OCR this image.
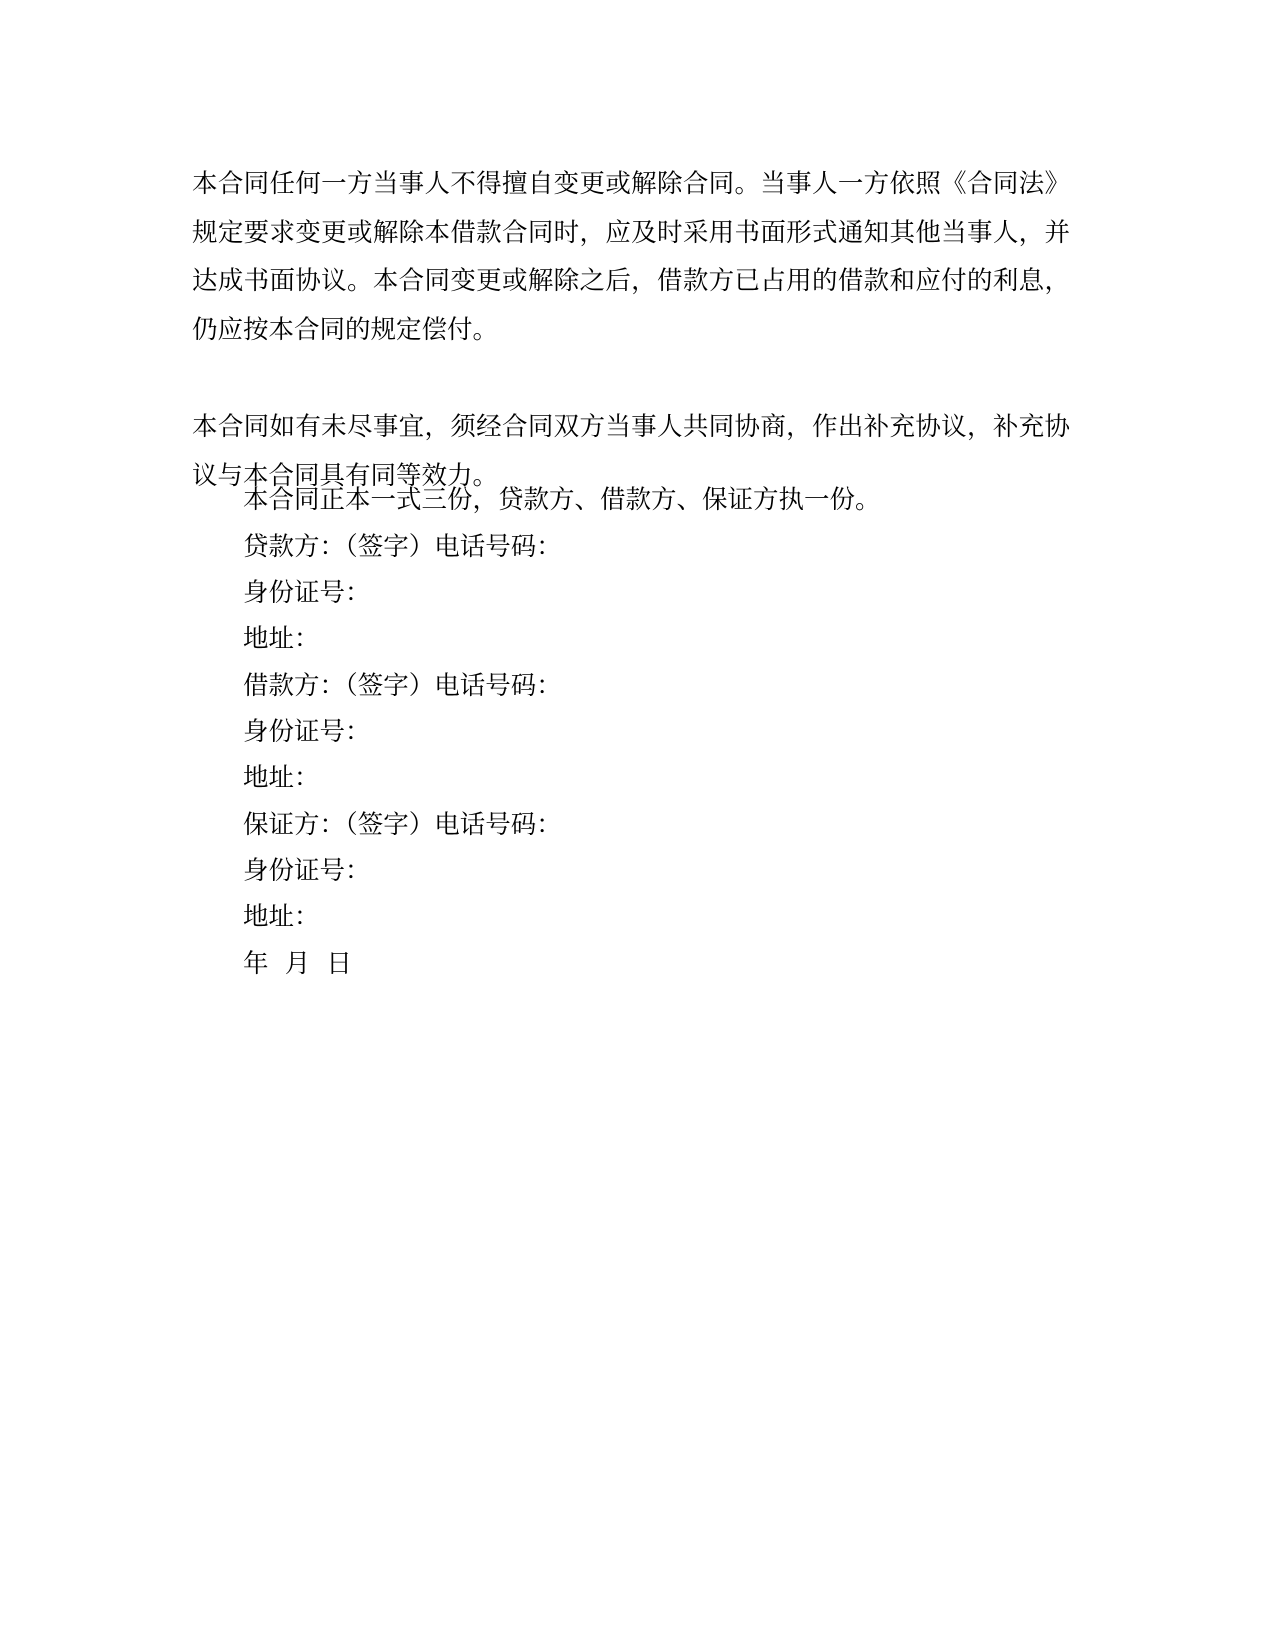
本合同任何一方当事人不得擅自变更或解除合同。当事人一方依照《合同法》规定要求变更或解除本借款合同时，应及时采用书面形式通知其他当事人，并达成书面协议。本合同变更或解除之后，借款方已占用的借款和应付的利息，仍应按本合同的规定偿付。

本合同如有未尽事宜，须经合同双方当事人共同协商，作出补充协议，补充协议与本合同具有同等效力。

本合同正本一式三份，贷款方、借款方、保证方执一份。

贷款方：（签字）电话号码：

身份证号：

地址：

借款方：（签字）电话号码：

身份证号：

地址：

保证方：（签字）电话号码：

身份证号：

地址：

年  月  日
